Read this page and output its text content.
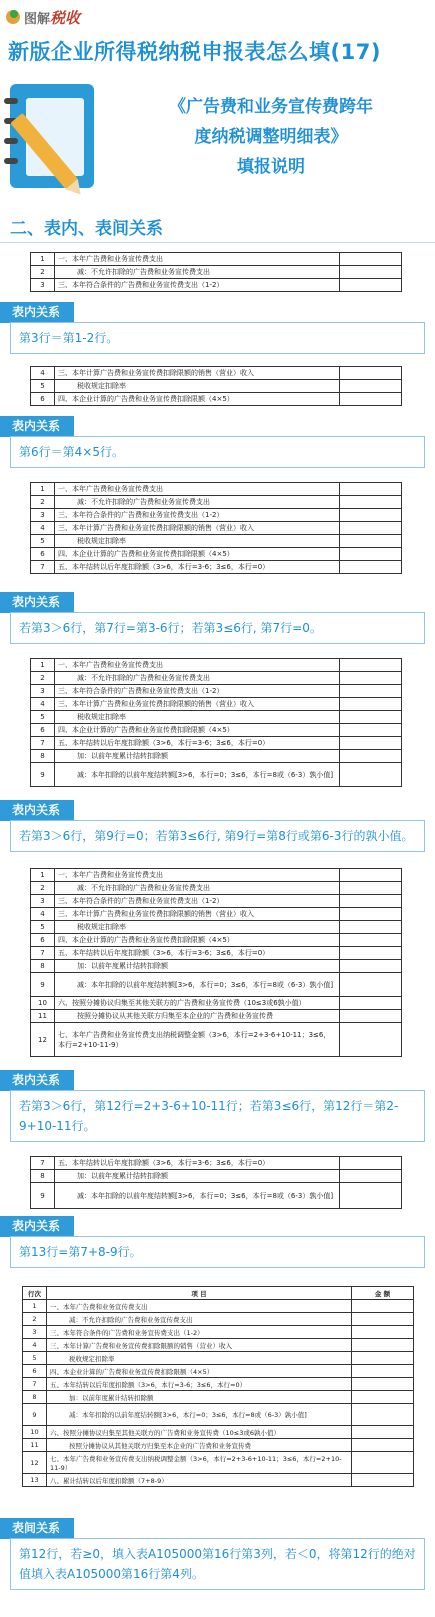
图解税收
新版企业所得税纳税申报表怎么填(17)
《广告费和业务宣传费跨年
度纳税调整明细表》
填报说明
二、表内、表间关系
1	一、本年广告费和业务宣传费支出	
2	减：不允许扣除的广告费和业务宣传费支出	
3	三、本年符合条件的广告费和业务宣传费支出（1-2）	
表内关系
第3行＝第1-2行。
4	三、本年计算广告费和业务宣传费扣除限额的销售（营业）收入	
5	税收规定扣除率	
6	四、本企业计算的广告费和业务宣传费扣除限额（4×5）	
表内关系
第6行＝第4×5行。
1	一、本年广告费和业务宣传费支出	
2	减：不允许扣除的广告费和业务宣传费支出	
3	三、本年符合条件的广告费和业务宣传费支出（1-2）	
4	三、本年计算广告费和业务宣传费扣除限额的销售（营业）收入	
5	税收规定扣除率	
6	四、本企业计算的广告费和业务宣传费扣除限额（4×5）	
7	五、本年结转以后年度扣除额（3>6，本行=3-6；3≤6，本行=0）	
表内关系
若第3＞6行，第7行=第3-6行；若第3≤6行, 第7行=0。
1	一、本年广告费和业务宣传费支出	
2	减：不允许扣除的广告费和业务宣传费支出	
3	三、本年符合条件的广告费和业务宣传费支出（1-2）	
4	三、本年计算广告费和业务宣传费扣除限额的销售（营业）收入	
5	税收规定扣除率	
6	四、本企业计算的广告费和业务宣传费扣除限额（4×5）	
7	五、本年结转以后年度扣除额（3>6，本行=3-6；3≤6，本行=0）	
8	加：以前年度累计结转扣除额	
9	减：本年扣除的以前年度结转额[3>6，本行=0；3≤6，本行=8或（6-3）孰小值]	
表内关系
若第3＞6行，第9行=0；若第3≤6行, 第9行=第8行或第6-3行的孰小值。
1	一、本年广告费和业务宣传费支出	
2	减：不允许扣除的广告费和业务宣传费支出	
3	三、本年符合条件的广告费和业务宣传费支出（1-2）	
4	三、本年计算广告费和业务宣传费扣除限额的销售（营业）收入	
5	税收规定扣除率	
6	四、本企业计算的广告费和业务宣传费扣除限额（4×5）	
7	五、本年结转以后年度扣除额（3>6，本行=3-6；3≤6，本行=0）	
8	加：以前年度累计结转扣除额	
9	减：本年扣除的以前年度结转额[3>6，本行=0；3≤6，本行=8或（6-3）孰小值]	
10	六、按照分摊协议归集至其他关联方的广告费和业务宣传费（10≤3或6孰小值）	
11	按照分摊协议从其他关联方归集至本企业的广告费和业务宣传费	
12	七、本年广告费和业务宣传费支出纳税调整金额（3>6，本行=2+3-6+10-11；3≤6，本行=2+10-11-9）	
表内关系
若第3＞6行，第12行=2+3-6+10-11行；若第3≤6行，第12行＝第2-9+10-11行。
7	五、本年结转以后年度扣除额（3>6，本行=3-6；3≤6，本行=0）	
8	加：以前年度累计结转扣除额	
9	减：本年扣除的以前年度结转额[3>6，本行=0；3≤6，本行=8或（6-3）孰小值]	
表内关系
第13行=第7+8-9行。
行次	项 目	金 额
1	一、本年广告费和业务宣传费支出	
2	减：不允许扣除的广告费和业务宣传费支出	
3	三、本年符合条件的广告费和业务宣传费支出（1-2）	
4	三、本年计算广告费和业务宣传费扣除限额的销售（营业）收入	
5	税收规定扣除率	
6	四、本企业计算的广告费和业务宣传费扣除限额（4×5）	
7	五、本年结转以后年度扣除额（3>6，本行=3-6；3≤6，本行=0）	
8	加：以前年度累计结转扣除额	
9	减：本年扣除的以前年度结转额[3>6，本行=0；3≤6，本行=8或（6-3）孰小值]	
10	六、按照分摊协议归集至其他关联方的广告费和业务宣传费（10≤3或6孰小值）	
11	按照分摊协议从其他关联方归集至本企业的广告费和业务宣传费	
12	七、本年广告费和业务宣传费支出纳税调整金额（3>6，本行=2+3-6+10-11；3≤6，本行=2+10-11-9）	
13	八、累计结转以后年度扣除额（7+8-9）	
表间关系
第12行，若≥0，填入表A105000第16行第3列，若＜0，将第12行的绝对值填入表A105000第16行第4列。
